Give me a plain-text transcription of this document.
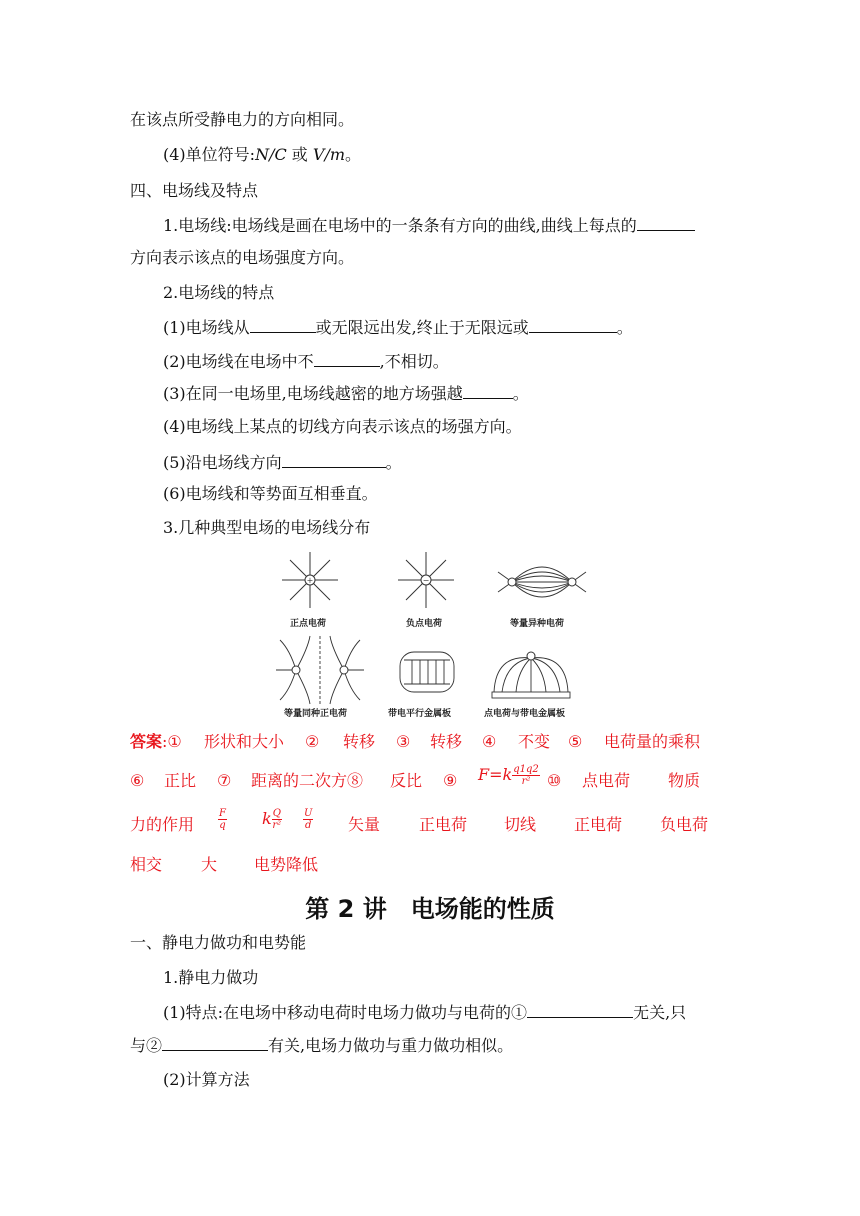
在该点所受静电力的方向相同。
(4)单位符号:N/C 或 V/m。
四、电场线及特点
1.电场线:电场线是画在电场中的一条条有方向的曲线,曲线上每点的
方向表示该点的电场强度方向。
2.电场线的特点
(1)电场线从	或无限远出发,终止于无限远或	。
(2)电场线在电场中不	,不相切。
(3)在同一电场里,电场线越密的地方场强越	。
(4)电场线上某点的切线方向表示该点的场强方向。
(5)沿电场线方向	。
(6)电场线和等势面互相垂直。
3.几种典型电场的电场线分布
+
正点电荷
−
负点电荷	等量异种电荷
等量同种正电荷	带电平行金属板	点电荷与带电金属板
答案:① 形状和大小 ② 转移 ③ 转移 ④ 不变 ⑤ 电荷量的乘积
⑥ 正比 ⑦ 距离的二次方⑧ 反比 ⑨ $F=k \frac{q1q2}{\text{r²}}$ ⑩ 点电荷 物质
力的作用 $\frac{F}{q}$ k $\frac{Q}{\text{r²}} \frac{U}{d}$ 矢量 正电荷 切线 正电荷 负电荷
相交 大 电势降低
第 2 讲　电场能的性质
一、静电力做功和电势能
1.静电力做功
(1)特点:在电场中移动电荷时电场力做功与电荷的①	无关,只
与②	有关,电场力做功与重力做功相似。
(2)计算方法
